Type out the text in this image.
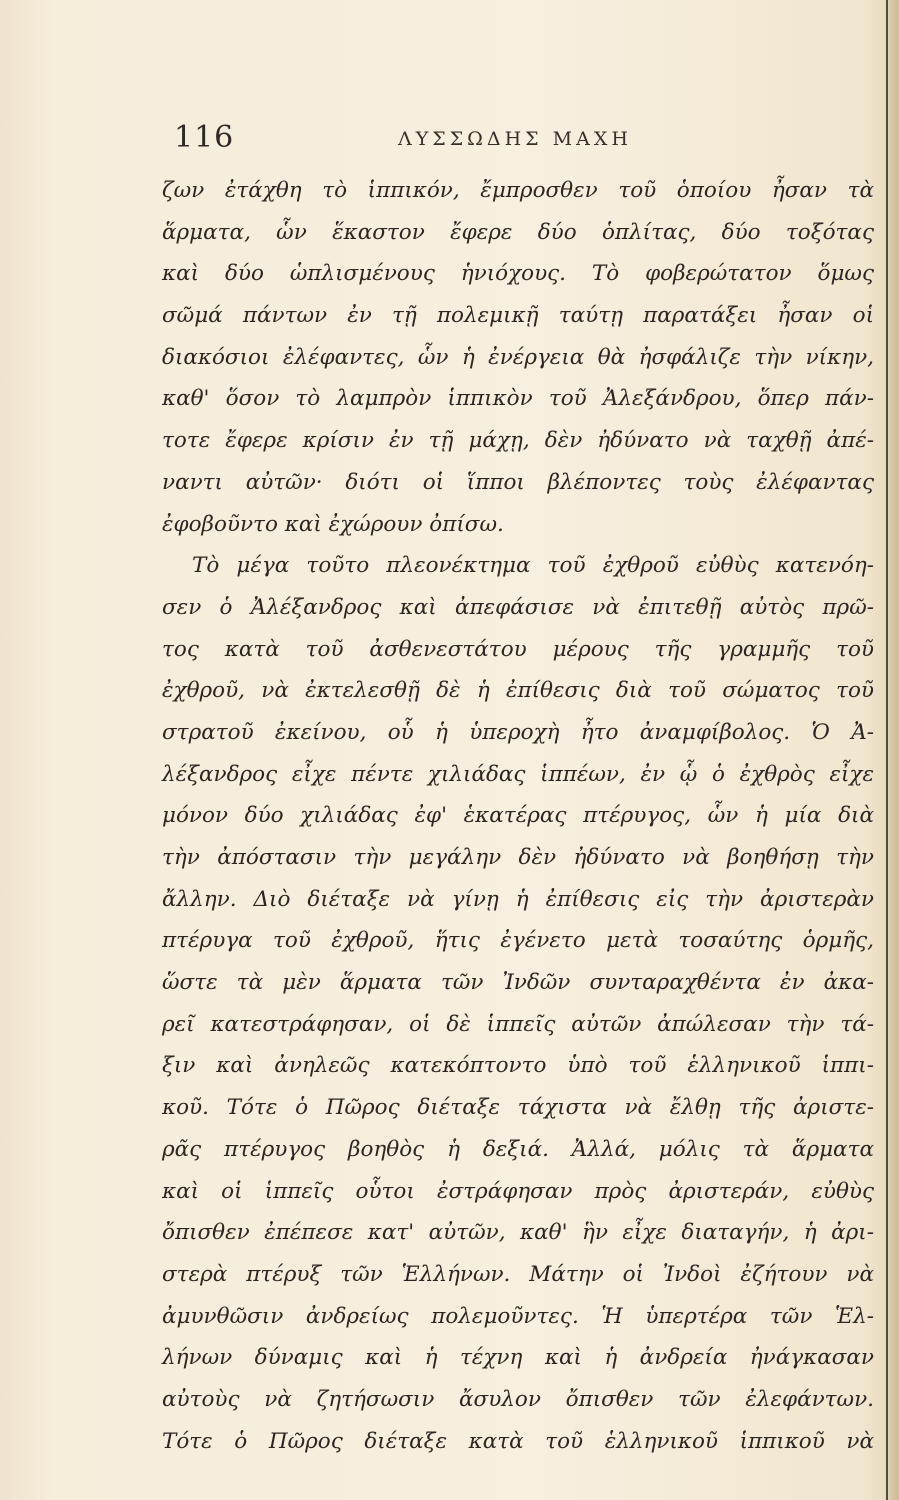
116	ΛΥΣΣΩΔΗΣ ΜΑΧΗ
ζων ἐτάχθη τὸ ἱππικόν, ἔμπροσθεν τοῦ ὁποίου ἦσαν τὰ
ἅρματα, ὧν ἕκαστον ἔφερε δύο ὁπλίτας, δύο τοξότας
καὶ δύο ὡπλισμένους ἡνιόχους. Τὸ φοβερώτατον ὅμως
σῶμά πάντων ἐν τῇ πολεμικῇ ταύτῃ παρατάξει ἦσαν οἱ
διακόσιοι ἐλέφαντες, ὧν ἡ ἐνέργεια θὰ ἠσφάλιζε τὴν νίκην,
καθ' ὅσον τὸ λαμπρὸν ἱππικὸν τοῦ Ἀλεξάνδρου, ὅπερ πάν-
τοτε ἔφερε κρίσιν ἐν τῇ μάχῃ, δὲν ἠδύνατο νὰ ταχθῇ ἀπέ-
ναντι αὐτῶν· διότι οἱ ἵπποι βλέποντες τοὺς ἐλέφαντας
ἐφοβοῦντο καὶ ἐχώρουν ὀπίσω.
Τὸ μέγα τοῦτο πλεονέκτημα τοῦ ἐχθροῦ εὐθὺς κατενόη-
σεν ὁ Ἀλέξανδρος καὶ ἀπεφάσισε νὰ ἐπιτεθῇ αὐτὸς πρῶ-
τος κατὰ τοῦ ἀσθενεστάτου μέρους τῆς γραμμῆς τοῦ
ἐχθροῦ, νὰ ἐκτελεσθῇ δὲ ἡ ἐπίθεσις διὰ τοῦ σώματος τοῦ
στρατοῦ ἐκείνου, οὗ ἡ ὑπεροχὴ ἦτο ἀναμφίβολος. Ὁ Ἀ-
λέξανδρος εἶχε πέντε χιλιάδας ἱππέων, ἐν ᾧ ὁ ἐχθρὸς εἶχε
μόνον δύο χιλιάδας ἐφ' ἑκατέρας πτέρυγος, ὧν ἡ μία διὰ
τὴν ἀπόστασιν τὴν μεγάλην δὲν ἠδύνατο νὰ βοηθήσῃ τὴν
ἄλλην. Διὸ διέταξε νὰ γίνῃ ἡ ἐπίθεσις εἰς τὴν ἀριστερὰν
πτέρυγα τοῦ ἐχθροῦ, ἥτις ἐγένετο μετὰ τοσαύτης ὁρμῆς,
ὥστε τὰ μὲν ἅρματα τῶν Ἰνδῶν συνταραχθέντα ἐν ἀκα-
ρεῖ κατεστράφησαν, οἱ δὲ ἱππεῖς αὐτῶν ἀπώλεσαν τὴν τά-
ξιν καὶ ἀνηλεῶς κατεκόπτοντο ὑπὸ τοῦ ἑλληνικοῦ ἱππι-
κοῦ. Τότε ὁ Πῶρος διέταξε τάχιστα νὰ ἔλθῃ τῆς ἀριστε-
ρᾶς πτέρυγος βοηθὸς ἡ δεξιά. Ἀλλά, μόλις τὰ ἅρματα
καὶ οἱ ἱππεῖς οὗτοι ἐστράφησαν πρὸς ἀριστεράν, εὐθὺς
ὄπισθεν ἐπέπεσε κατ' αὐτῶν, καθ' ἣν εἶχε διαταγήν, ἡ ἀρι-
στερὰ πτέρυξ τῶν Ἑλλήνων. Μάτην οἱ Ἰνδοὶ ἐζήτουν νὰ
ἀμυνθῶσιν ἀνδρείως πολεμοῦντες. Ἡ ὑπερτέρα τῶν Ἑλ-
λήνων δύναμις καὶ ἡ τέχνη καὶ ἡ ἀνδρεία ἠνάγκασαν
αὐτοὺς νὰ ζητήσωσιν ἄσυλον ὄπισθεν τῶν ἐλεφάντων.
Τότε ὁ Πῶρος διέταξε κατὰ τοῦ ἑλληνικοῦ ἱππικοῦ νὰ
